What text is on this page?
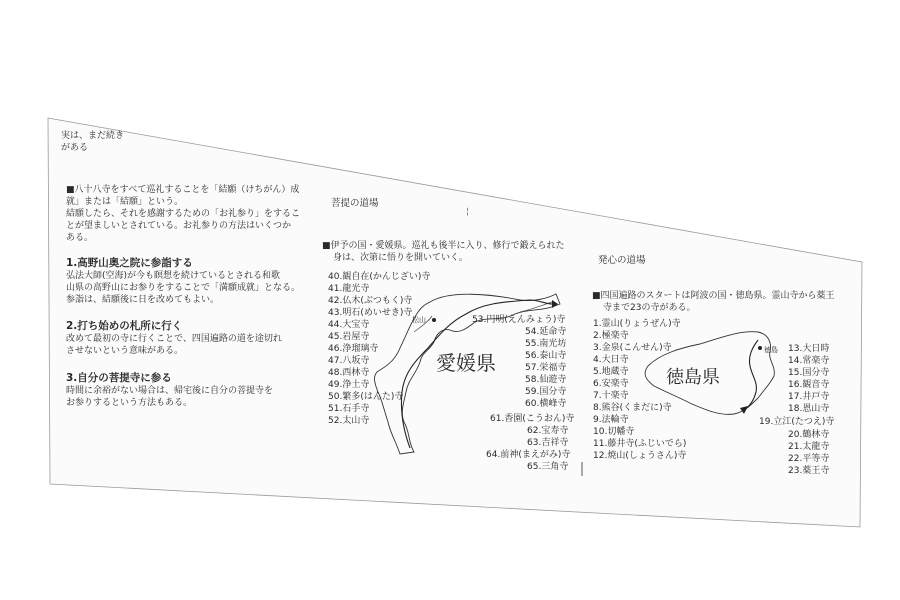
実は、まだ続き
がある
■八十八寺をすべて巡礼することを「結願（けちがん）成
就」または「結願」という。
結願したら、それを感謝するための「お礼参り」をするこ
とが望ましいとされている。お礼参りの方法はいくつか
ある。
1.高野山奥之院に参詣する
弘法大師(空海)が今も瞑想を続けているとされる和歌
山県の高野山にお参りをすることで「満願成就」となる。
参詣は、結願後に日を改めてもよい。
2.打ち始めの札所に行く
改めて最初の寺に行くことで、四国遍路の道を途切れ
させないという意味がある。
3.自分の菩提寺に参る
時間に余裕がない場合は、帰宅後に自分の菩提寺を
お参りするという方法もある。
菩提の道場
¦
■伊予の国・愛媛県。巡礼も後半に入り、修行で鍛えられた
身は、次第に悟りを開いていく。
松山
愛媛県
40.観自在(かんじざい)寺
41.龍光寺
42.仏木(ぶつもく)寺
43.明石(めいせき)寺
44.大宝寺
45.岩屋寺
46.浄瑠璃寺
47.八坂寺
48.西林寺
49.浄土寺
50.繁多(はんた)寺
51.石手寺
52.太山寺
53.円明(えんみょう)寺
54.延命寺
55.南光坊
56.泰山寺
57.栄福寺
58.仙遊寺
59.国分寺
60.横峰寺
61.香園(こうおん)寺
62.宝寿寺
63.吉祥寺
64.前神(まえがみ)寺
65.三角寺
発心の道場
■四国遍路のスタートは阿波の国・徳島県。霊山寺から薬王
寺まで23の寺がある。
徳島
徳島県
1.霊山(りょうぜん)寺
2.極楽寺
3.金泉(こんせん)寺
4.大日寺
5.地蔵寺
6.安楽寺
7.十楽寺
8.熊谷(くまだに)寺
9.法輪寺
10.切幡寺
11.藤井寺(ふじいでら)
12.焼山(しょうさん)寺
13.大日時
14.常楽寺
15.国分寺
16.観音寺
17.井戸寺
18.恩山寺
19.立江(たつえ)寺
20.鶴林寺
21.太龍寺
22.平等寺
23.薬王寺
